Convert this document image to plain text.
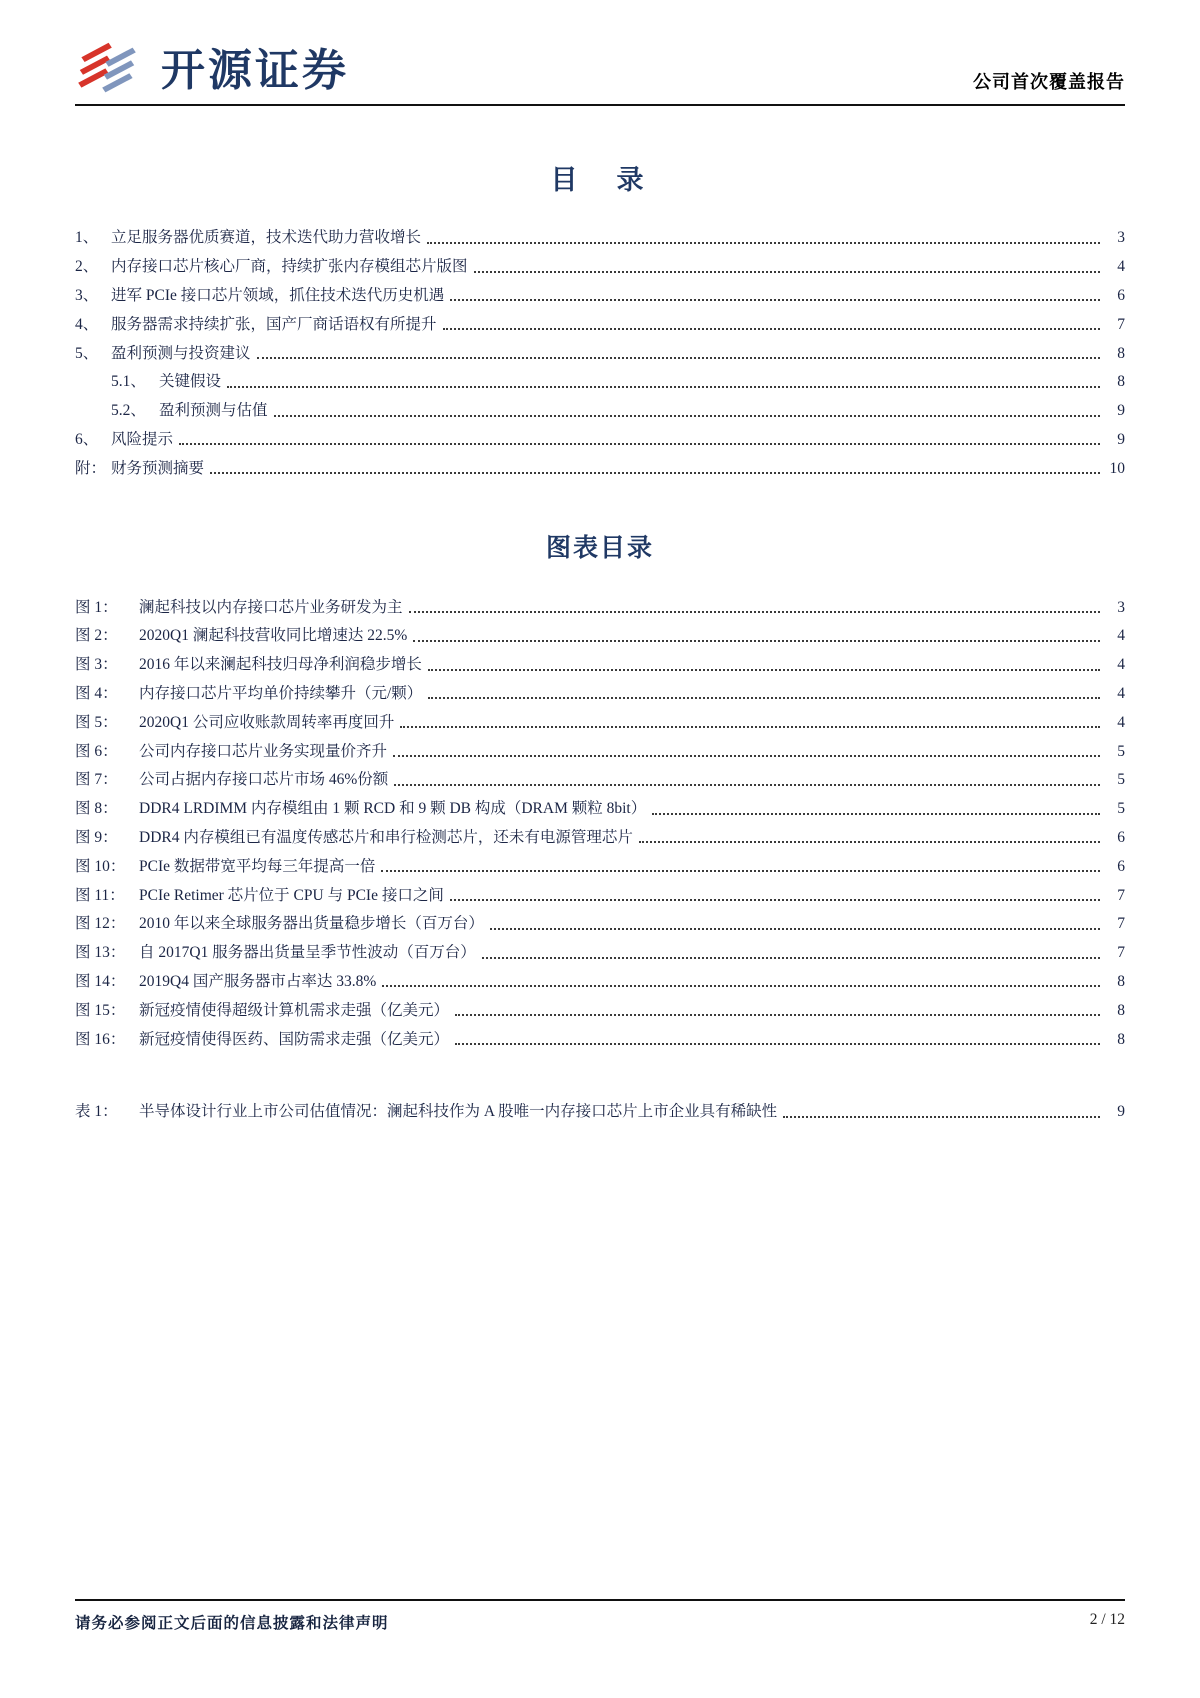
开源证券	公司首次覆盖报告
目　录
1、 立足服务器优质赛道，技术迭代助力营收增长	3
2、 内存接口芯片核心厂商，持续扩张内存模组芯片版图	4
3、 进军 PCIe 接口芯片领域，抓住技术迭代历史机遇	6
4、 服务器需求持续扩张，国产厂商话语权有所提升	7
5、 盈利预测与投资建议	8
5.1、 关键假设	8
5.2、 盈利预测与估值	9
6、 风险提示	9
附： 财务预测摘要	10
图表目录
图 1：	澜起科技以内存接口芯片业务研发为主	3
图 2：	2020Q1 澜起科技营收同比增速达 22.5%	4
图 3：	2016 年以来澜起科技归母净利润稳步增长	4
图 4：	内存接口芯片平均单价持续攀升（元/颗）	4
图 5：	2020Q1 公司应收账款周转率再度回升	4
图 6：	公司内存接口芯片业务实现量价齐升	5
图 7：	公司占据内存接口芯片市场 46%份额	5
图 8：	DDR4 LRDIMM 内存模组由 1 颗 RCD 和 9 颗 DB 构成（DRAM 颗粒 8bit）	5
图 9：	DDR4 内存模组已有温度传感芯片和串行检测芯片，还未有电源管理芯片	6
图 10： PCIe 数据带宽平均每三年提高一倍	6
图 11： PCIe Retimer 芯片位于 CPU 与 PCIe 接口之间	7
图 12： 2010 年以来全球服务器出货量稳步增长（百万台）	7
图 13： 自 2017Q1 服务器出货量呈季节性波动（百万台）	7
图 14： 2019Q4 国产服务器市占率达 33.8%	8
图 15： 新冠疫情使得超级计算机需求走强（亿美元）	8
图 16： 新冠疫情使得医药、国防需求走强（亿美元）	8
表 1：	半导体设计行业上市公司估值情况：澜起科技作为 A 股唯一内存接口芯片上市企业具有稀缺性	9
请务必参阅正文后面的信息披露和法律声明	2 / 12
